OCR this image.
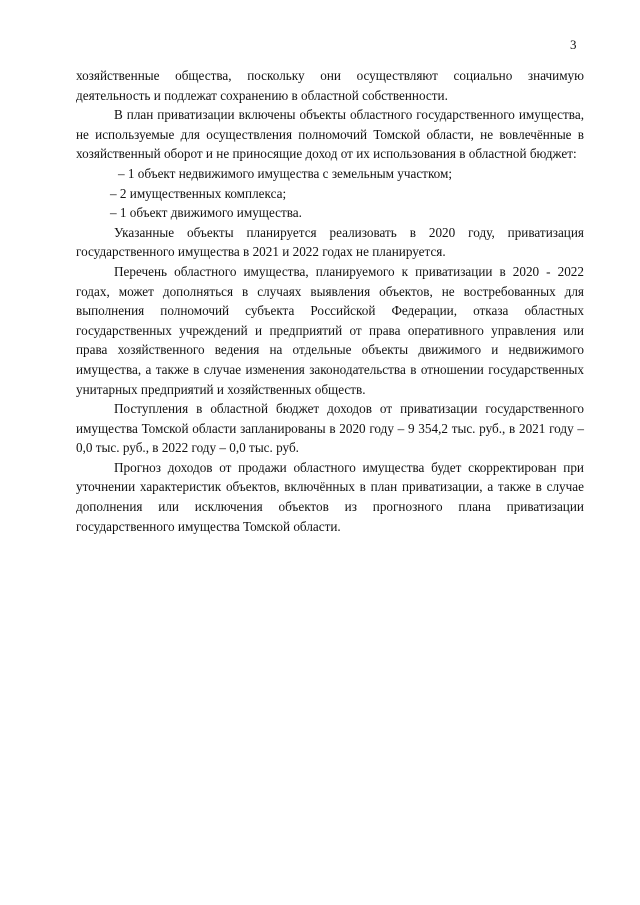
3

хозяйственные общества, поскольку они осуществляют социально значимую деятельность и подлежат сохранению в областной собственности.

В план приватизации включены объекты областного государственного имущества, не используемые для осуществления полномочий Томской области, не вовлечённые в хозяйственный оборот и не приносящие доход от их использования в областной бюджет:

– 1 объект недвижимого имущества с земельным участком;

– 2 имущественных комплекса;

– 1 объект движимого имущества.

Указанные объекты планируется реализовать в 2020 году, приватизация государственного имущества в 2021 и 2022 годах не планируется.

Перечень областного имущества, планируемого к приватизации в 2020 - 2022 годах, может дополняться в случаях выявления объектов, не востребованных для выполнения полномочий субъекта Российской Федерации, отказа областных государственных учреждений и предприятий от права оперативного управления или права хозяйственного ведения на отдельные объекты движимого и недвижимого имущества, а также в случае изменения законодательства в отношении государственных унитарных предприятий и хозяйственных обществ.

Поступления в областной бюджет доходов от приватизации государственного имущества Томской области запланированы в 2020 году – 9 354,2 тыс. руб., в 2021 году – 0,0 тыс. руб., в 2022 году – 0,0 тыс. руб.

Прогноз доходов от продажи областного имущества будет скорректирован при уточнении характеристик объектов, включённых в план приватизации, а также в случае дополнения или исключения объектов из прогнозного плана приватизации государственного имущества Томской области.
